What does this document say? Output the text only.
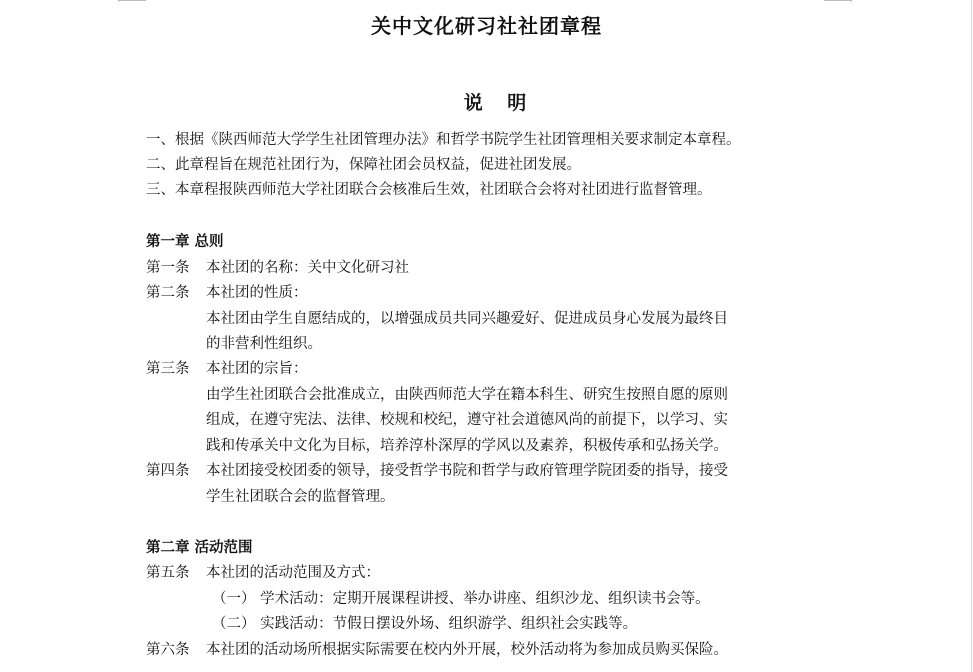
关中文化研习社社团章程
说 明
一、根据《陕西师范大学学生社团管理办法》和哲学书院学生社团管理相关要求制定本章程。
二、此章程旨在规范社团行为，保障社团会员权益，促进社团发展。
三、本章程报陕西师范大学社团联合会核准后生效，社团联合会将对社团进行监督管理。
第一章 总则
第一条 本社团的名称：关中文化研习社
第二条 本社团的性质：
本社团由学生自愿结成的，以增强成员共同兴趣爱好、促进成员身心发展为最终目
的非营利性组织。
第三条 本社团的宗旨：
由学生社团联合会批准成立，由陕西师范大学在籍本科生、研究生按照自愿的原则
组成，在遵守宪法、法律、校规和校纪，遵守社会道德风尚的前提下，以学习、实
践和传承关中文化为目标，培养淳朴深厚的学风以及素养，积极传承和弘扬关学。
第四条 本社团接受校团委的领导，接受哲学书院和哲学与政府管理学院团委的指导，接受
学生社团联合会的监督管理。
第二章 活动范围
第五条 本社团的活动范围及方式：
（一） 学术活动：定期开展课程讲授、举办讲座、组织沙龙、组织读书会等。
（二） 实践活动：节假日摆设外场、组织游学、组织社会实践等。
第六条 本社团的活动场所根据实际需要在校内外开展，校外活动将为参加成员购买保险。
